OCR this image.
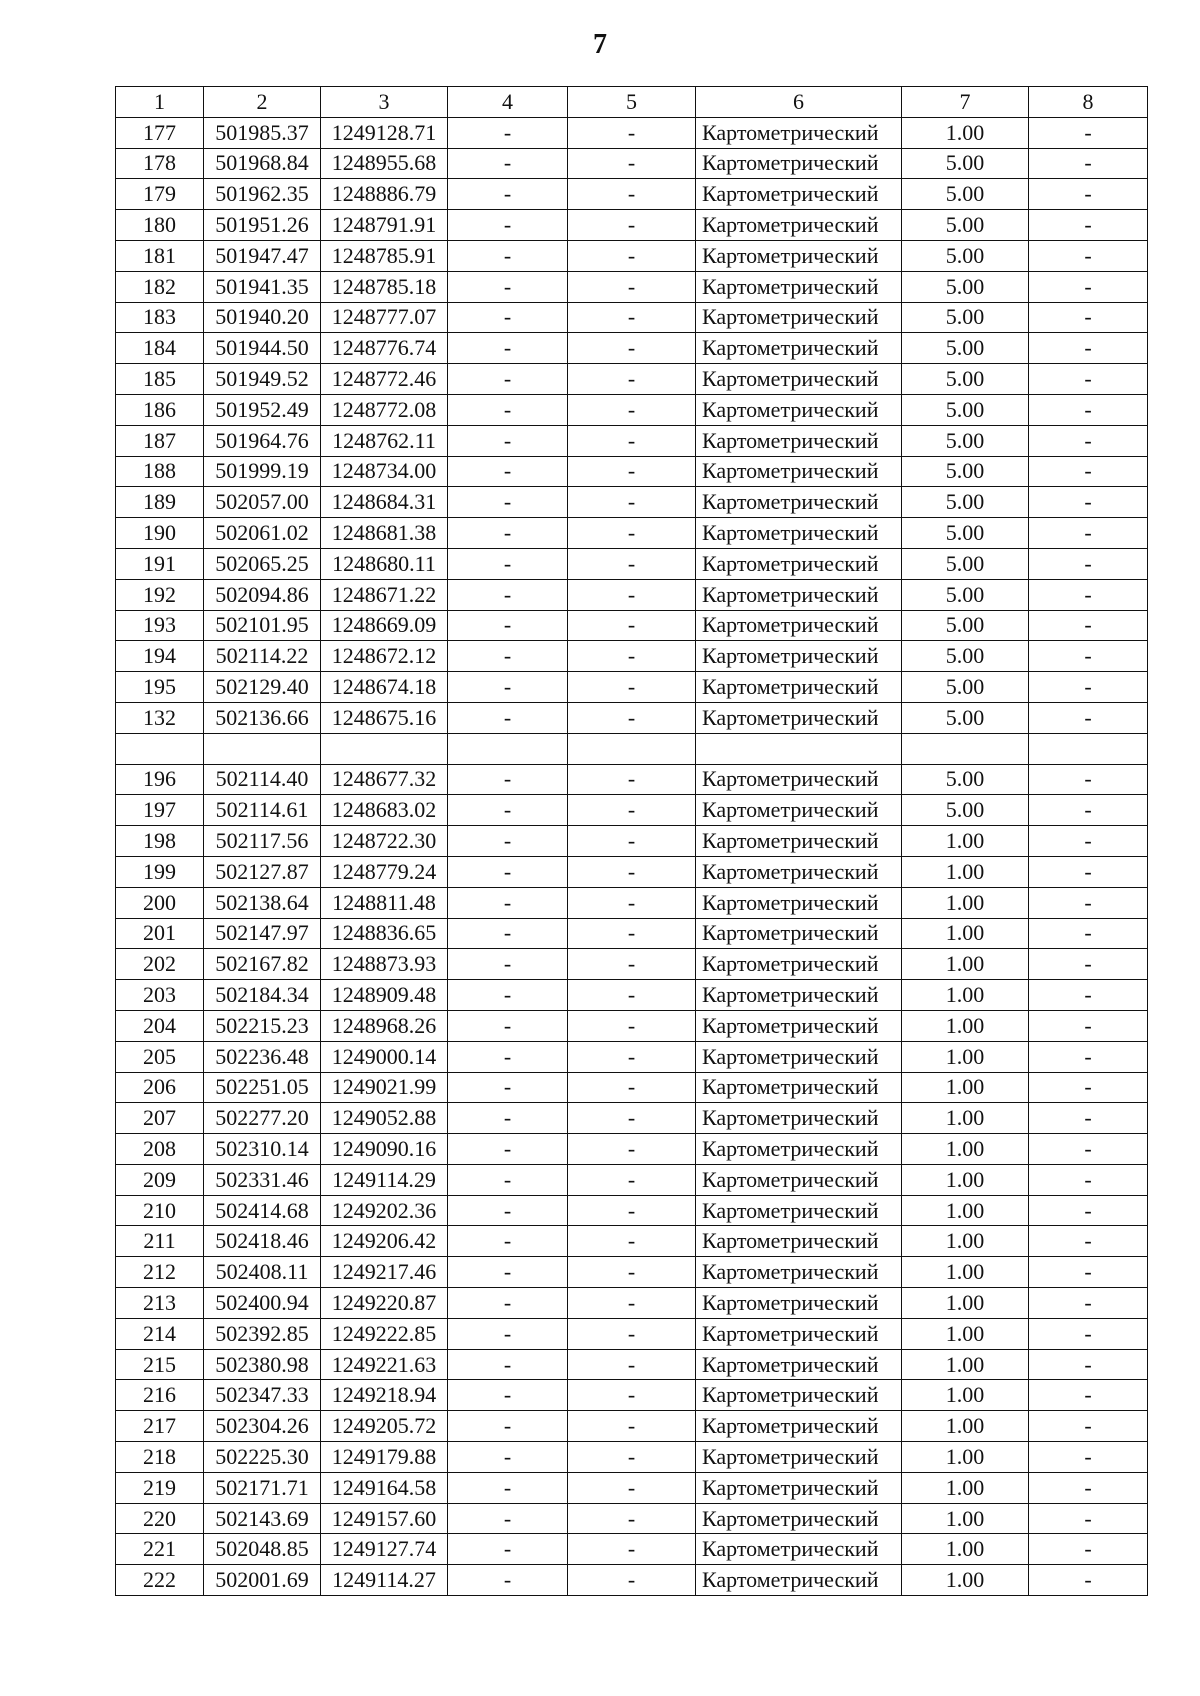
7
1	2	3	4	5	6	7	8
177	501985.37	1249128.71	-	-	Картометрический	1.00	-
178	501968.84	1248955.68	-	-	Картометрический	5.00	-
179	501962.35	1248886.79	-	-	Картометрический	5.00	-
180	501951.26	1248791.91	-	-	Картометрический	5.00	-
181	501947.47	1248785.91	-	-	Картометрический	5.00	-
182	501941.35	1248785.18	-	-	Картометрический	5.00	-
183	501940.20	1248777.07	-	-	Картометрический	5.00	-
184	501944.50	1248776.74	-	-	Картометрический	5.00	-
185	501949.52	1248772.46	-	-	Картометрический	5.00	-
186	501952.49	1248772.08	-	-	Картометрический	5.00	-
187	501964.76	1248762.11	-	-	Картометрический	5.00	-
188	501999.19	1248734.00	-	-	Картометрический	5.00	-
189	502057.00	1248684.31	-	-	Картометрический	5.00	-
190	502061.02	1248681.38	-	-	Картометрический	5.00	-
191	502065.25	1248680.11	-	-	Картометрический	5.00	-
192	502094.86	1248671.22	-	-	Картометрический	5.00	-
193	502101.95	1248669.09	-	-	Картометрический	5.00	-
194	502114.22	1248672.12	-	-	Картометрический	5.00	-
195	502129.40	1248674.18	-	-	Картометрический	5.00	-
132	502136.66	1248675.16	-	-	Картометрический	5.00	-

196	502114.40	1248677.32	-	-	Картометрический	5.00	-
197	502114.61	1248683.02	-	-	Картометрический	5.00	-
198	502117.56	1248722.30	-	-	Картометрический	1.00	-
199	502127.87	1248779.24	-	-	Картометрический	1.00	-
200	502138.64	1248811.48	-	-	Картометрический	1.00	-
201	502147.97	1248836.65	-	-	Картометрический	1.00	-
202	502167.82	1248873.93	-	-	Картометрический	1.00	-
203	502184.34	1248909.48	-	-	Картометрический	1.00	-
204	502215.23	1248968.26	-	-	Картометрический	1.00	-
205	502236.48	1249000.14	-	-	Картометрический	1.00	-
206	502251.05	1249021.99	-	-	Картометрический	1.00	-
207	502277.20	1249052.88	-	-	Картометрический	1.00	-
208	502310.14	1249090.16	-	-	Картометрический	1.00	-
209	502331.46	1249114.29	-	-	Картометрический	1.00	-
210	502414.68	1249202.36	-	-	Картометрический	1.00	-
211	502418.46	1249206.42	-	-	Картометрический	1.00	-
212	502408.11	1249217.46	-	-	Картометрический	1.00	-
213	502400.94	1249220.87	-	-	Картометрический	1.00	-
214	502392.85	1249222.85	-	-	Картометрический	1.00	-
215	502380.98	1249221.63	-	-	Картометрический	1.00	-
216	502347.33	1249218.94	-	-	Картометрический	1.00	-
217	502304.26	1249205.72	-	-	Картометрический	1.00	-
218	502225.30	1249179.88	-	-	Картометрический	1.00	-
219	502171.71	1249164.58	-	-	Картометрический	1.00	-
220	502143.69	1249157.60	-	-	Картометрический	1.00	-
221	502048.85	1249127.74	-	-	Картометрический	1.00	-
222	502001.69	1249114.27	-	-	Картометрический	1.00	-
